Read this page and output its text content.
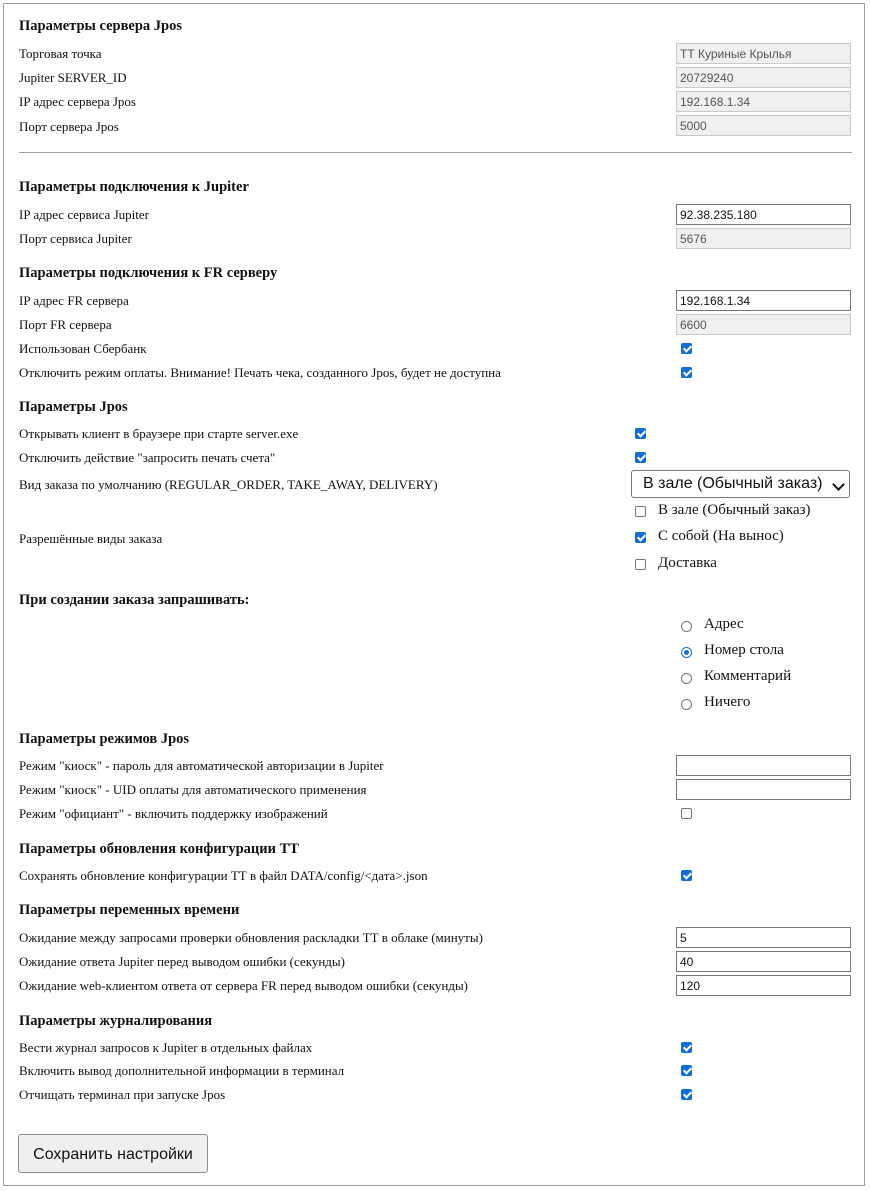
Параметры сервера Jpos
Торговая точка
ТТ Куриные Крылья
Jupiter SERVER_ID
20729240
IP адрес сервера Jpos
192.168.1.34
Порт сервера Jpos
5000
Параметры подключения к Jupiter
IP адрес сервиса Jupiter
92.38.235.180
Порт сервиса Jupiter
5676
Параметры подключения к FR серверу
IP адрес FR сервера
192.168.1.34
Порт FR сервера
6600
Использован Сбербанк
Отключить режим оплаты. Внимание! Печать чека, созданного Jpos, будет не доступна
Параметры Jpos
Открывать клиент в браузере при старте server.exe
Отключить действие "запросить печать счета"
Вид заказа по умолчанию (REGULAR_ORDER, TAKE_AWAY, DELIVERY)	В зале (Обычный заказ)
В зале (Обычный заказ)
Разрешённые виды заказа	С собой (На вынос)
Доставка
При создании заказа запрашивать:
Адрес
Номер стола
Комментарий
Ничего
Параметры режимов Jpos
Режим "киоск" - пароль для автоматической авторизации в Jupiter
Режим "киоск" - UID оплаты для автоматического применения
Режим "официант" - включить поддержку изображений
Параметры обновления конфигурации ТТ
Сохранять обновление конфигурации ТТ в файл DATA/config/<дата>.json
Параметры переменных времени
Ожидание между запросами проверки обновления раскладки ТТ в облаке (минуты)
5
Ожидание ответа Jupiter перед выводом ошибки (секунды)
40
Ожидание web-клиентом ответа от сервера FR перед выводом ошибки (секунды)
120
Параметры журналирования
Вести журнал запросов к Jupiter в отдельных файлах
Включить вывод дополнительной информации в терминал
Отчищать терминал при запуске Jpos
Сохранить настройки
